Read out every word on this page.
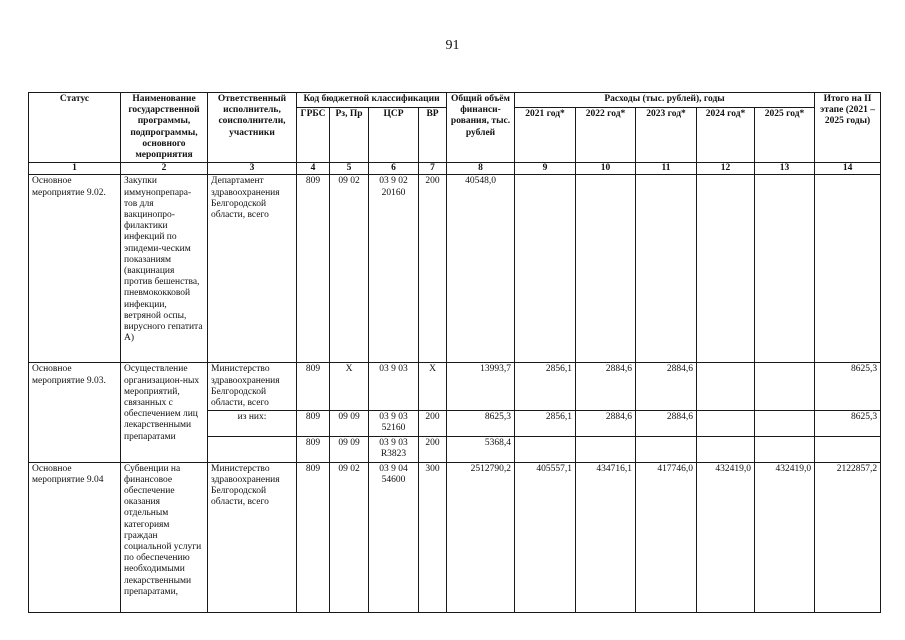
91
Статус	Наименование государственной программы, подпрограммы, основного мероприятия	Ответственный исполнитель, соисполнители, участники	Код бюджетной классификации				Общий объём финанси-рования, тыс. рублей	Расходы (тыс. рублей), годы					Итого на II этапе (2021 – 2025 годы)
			ГРБС	Рз, Пр	ЦСР	ВР		2021 год*	2022 год*	2023 год*	2024 год*	2025 год*	
1	2	3	4	5	6	7	8	9	10	11	12	13	14
Основное мероприятие 9.02.	Закупки иммунопрепара-тов для вакцинопро-филактики инфекций по эпидеми-ческим показаниям (вакцинация против бешенства, пневмококковой инфекции, ветряной оспы, вирусного гепатита А)	Департамент здравоохранения Белгородской области, всего	809	09 02	03 9 02 20160	200	40548,0						
Основное мероприятие 9.03.	Осуществление организацион-ных мероприятий, связанных с обеспечением лиц лекарственными препаратами	Министерство здравоохранения Белгородской области, всего	809	Х	03 9 03	Х	13993,7	2856,1	2884,6	2884,6			8625,3
		из них:	809	09 09	03 9 03 52160	200	8625,3	2856,1	2884,6	2884,6			8625,3
			809	09 09	03 9 03 R3823	200	5368,4						
Основное мероприятие 9.04	Субвенции на финансовое обеспечение оказания отдельным категориям граждан социальной услуги по обеспечению необходимыми лекарственными препаратами,	Министерство здравоохранения Белгородской области, всего	809	09 02	03 9 04 54600	300	2512790,2	405557,1	434716,1	417746,0	432419,0	432419,0	2122857,2
